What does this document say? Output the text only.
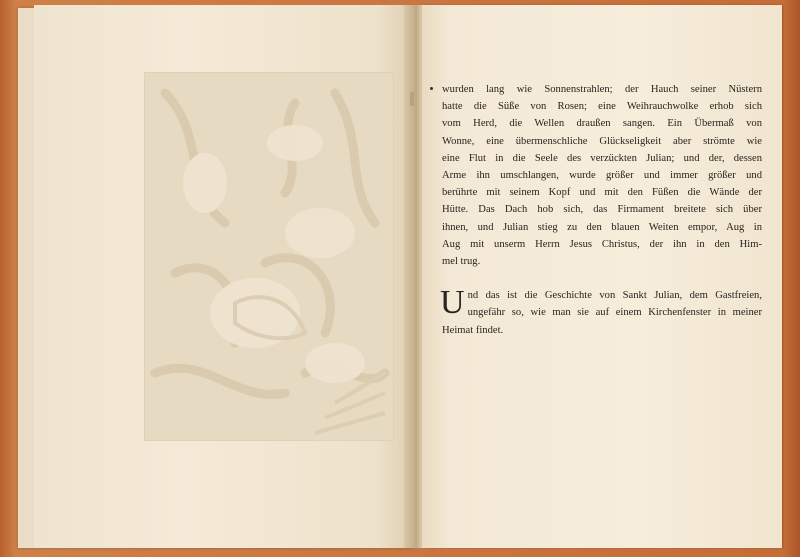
wurden lang wie Sonnenstrahlen; der Hauch seiner Nüstern

hatte die Süße von Rosen; eine Weihrauchwolke erhob sich

vom Herd, die Wellen draußen sangen. Ein Übermaß von

Wonne, eine übermenschliche Glückseligkeit aber strömte wie

eine Flut in die Seele des verzückten Julian; und der, dessen

Arme ihn umschlangen, wurde größer und immer größer und

berührte mit seinem Kopf und mit den Füßen die Wände der

Hütte. Das Dach hob sich, das Firmament breitete sich über

ihnen, und Julian stieg zu den blauen Weiten empor, Aug in

Aug mit unserm Herrn Jesus Christus, der ihn in den Him-

mel trug.

U nd das ist die Geschichte von Sankt Julian, dem Gastfreien,

ungefähr so, wie man sie auf einem Kirchenfenster in meiner

Heimat findet.
